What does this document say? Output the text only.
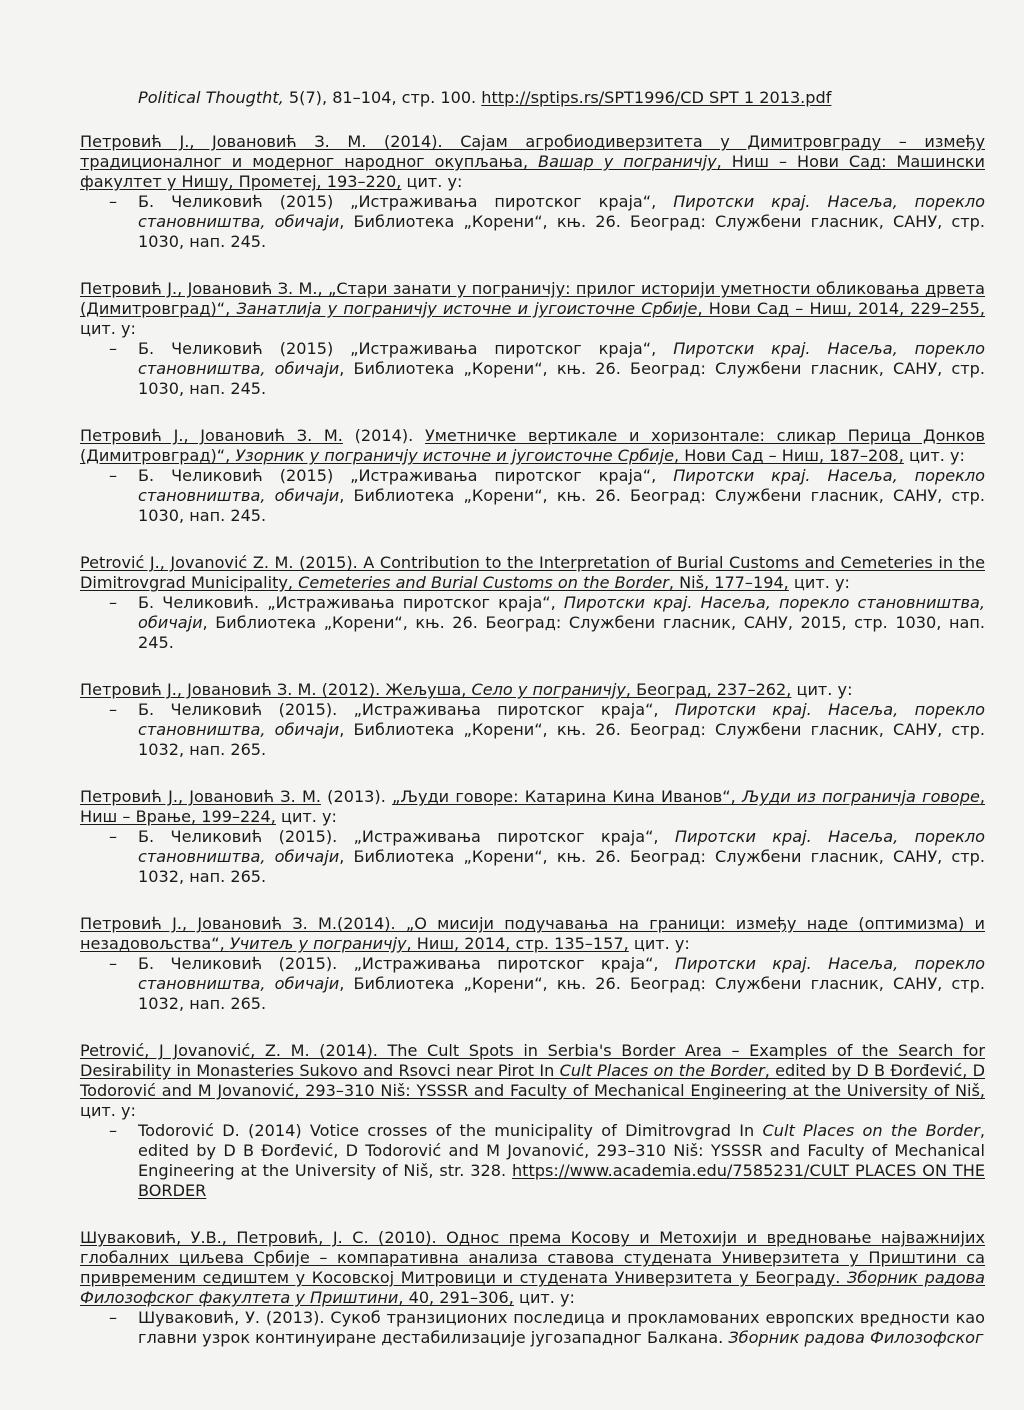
Political Thougtht, 5(7), 81–104, стр. 100. http://sptips.rs/SPT1996/CD SPT 1 2013.pdf
Петровић Ј., Јовановић З. М. (2014). Сајам агробиодиверзитета у Димитровграду – између традиционалног и модерног народног окупљања, Вашар у пограничју, Ниш – Нови Сад: Машински факултет у Нишу, Прометеј, 193–220, цит. у:
– Б. Челиковић (2015) „Истраживања пиротског краја“, Пиротски крај. Насеља, порекло становништва, обичаји, Библиотека „Корени“, књ. 26. Београд: Службени гласник, САНУ, стр. 1030, нап. 245.
Петровић Ј., Јовановић З. М., „Стари занати у пограничју: прилог историји уметности обликовања дрвета (Димитровград)“, Занатлија у пограничју источне и југоисточне Србије, Нови Сад – Ниш, 2014, 229–255, цит. у:
– Б. Челиковић (2015) „Истраживања пиротског краја“, Пиротски крај. Насеља, порекло становништва, обичаји, Библиотека „Корени“, књ. 26. Београд: Службени гласник, САНУ, стр. 1030, нап. 245.
Петровић Ј., Јовановић З. М. (2014). Уметничке вертикале и хоризонтале: сликар Перица Донков (Димитровград)“, Узорник у пограничју источне и југоисточне Србије, Нови Сад – Ниш, 187–208, цит. у:
– Б. Челиковић (2015) „Истраживања пиротског краја“, Пиротски крај. Насеља, порекло становништва, обичаји, Библиотека „Корени“, књ. 26. Београд: Службени гласник, САНУ, стр. 1030, нап. 245.
Petrović J., Jovanović Z. M. (2015). A Contribution to the Interpretation of Burial Customs and Cemeteries in the Dimitrovgrad Municipality, Cemeteries and Burial Customs on the Border, Niš, 177–194, цит. у:
– Б. Челиковић. „Истраживања пиротског краја“, Пиротски крај. Насеља, порекло становништва, обичаји, Библиотека „Корени“, књ. 26. Београд: Службени гласник, САНУ, 2015, стр. 1030, нап. 245.
Петровић Ј., Јовановић З. М. (2012). Жељуша, Село у пограничју, Београд, 237–262, цит. у:
– Б. Челиковић (2015). „Истраживања пиротског краја“, Пиротски крај. Насеља, порекло становништва, обичаји, Библиотека „Корени“, књ. 26. Београд: Службени гласник, САНУ, стр. 1032, нап. 265.
Петровић Ј., Јовановић З. М. (2013). „Људи говоре: Катарина Кина Иванов“, Људи из пограничја говоре, Ниш – Врање, 199–224, цит. у:
– Б. Челиковић (2015). „Истраживања пиротског краја“, Пиротски крај. Насеља, порекло становништва, обичаји, Библиотека „Корени“, књ. 26. Београд: Службени гласник, САНУ, стр. 1032, нап. 265.
Петровић Ј., Јовановић З. М.(2014). „О мисији подучавања на граници: између наде (оптимизма) и незадовољства“, Учитељ у пограничју, Ниш, 2014, стр. 135–157, цит. у:
– Б. Челиковић (2015). „Истраживања пиротског краја“, Пиротски крај. Насеља, порекло становништва, обичаји, Библиотека „Корени“, књ. 26. Београд: Службени гласник, САНУ, стр. 1032, нап. 265.
Petrović, J Jovanović, Z. M. (2014). The Cult Spots in Serbia's Border Area – Examples of the Search for Desirability in Monasteries Sukovo and Rsovci near Pirot In Cult Places on the Border, edited by D B Đorđević, D Todorović and M Jovanović, 293–310 Niš: YSSSR and Faculty of Mechanical Engineering at the University of Niš, цит. у:
– Todorović D. (2014) Votice crosses of the municipality of Dimitrovgrad In Cult Places on the Border, edited by D B Đorđević, D Todorović and M Jovanović, 293–310 Niš: YSSSR and Faculty of Mechanical Engineering at the University of Niš, str. 328. https://www.academia.edu/7585231/CULT PLACES ON THE BORDER
Шуваковић, У.В., Петровић, Ј. С. (2010). Однос према Косову и Метохији и вредновање најважнијих глобалних циљева Србије – компаративна анализа ставова студената Универзитета у Приштини са привременим седиштем у Косовској Митровици и студената Универзитета у Београду. Зборник радова Филозофског факултета у Приштини, 40, 291–306, цит. у:
– Шуваковић, У. (2013). Сукоб транзиционих последица и прокламованих европских вредности као главни узрок континуиране дестабилизације југозападног Балкана. Зборник радова Филозофског
